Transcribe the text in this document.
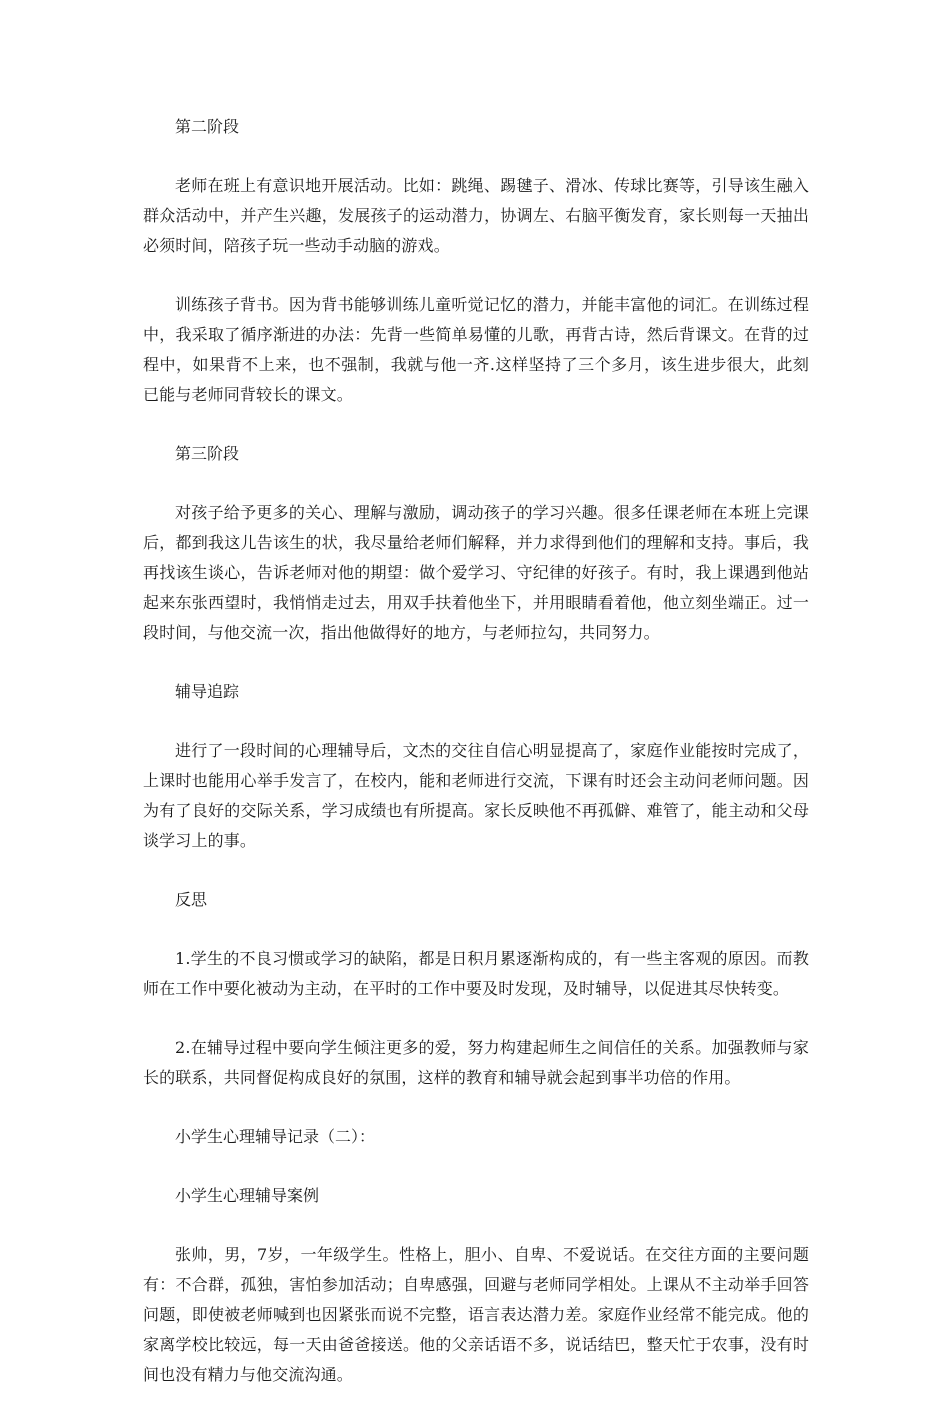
第二阶段

老师在班上有意识地开展活动。比如：跳绳、踢毽子、滑冰、传球比赛等，引导该生融入群众活动中，并产生兴趣，发展孩子的运动潜力，协调左、右脑平衡发育，家长则每一天抽出必须时间，陪孩子玩一些动手动脑的游戏。

训练孩子背书。因为背书能够训练儿童听觉记忆的潜力，并能丰富他的词汇。在训练过程中，我采取了循序渐进的办法：先背一些简单易懂的儿歌，再背古诗，然后背课文。在背的过程中，如果背不上来，也不强制，我就与他一齐.这样坚持了三个多月，该生进步很大，此刻已能与老师同背较长的课文。

第三阶段

对孩子给予更多的关心、理解与激励，调动孩子的学习兴趣。很多任课老师在本班上完课后，都到我这儿告该生的状，我尽量给老师们解释，并力求得到他们的理解和支持。事后，我再找该生谈心，告诉老师对他的期望：做个爱学习、守纪律的好孩子。有时，我上课遇到他站起来东张西望时，我悄悄走过去，用双手扶着他坐下，并用眼睛看着他，他立刻坐端正。过一段时间，与他交流一次，指出他做得好的地方，与老师拉勾，共同努力。

辅导追踪

进行了一段时间的心理辅导后，文杰的交往自信心明显提高了，家庭作业能按时完成了，上课时也能用心举手发言了，在校内，能和老师进行交流，下课有时还会主动问老师问题。因为有了良好的交际关系，学习成绩也有所提高。家长反映他不再孤僻、难管了，能主动和父母谈学习上的事。

反思

1.学生的不良习惯或学习的缺陷，都是日积月累逐渐构成的，有一些主客观的原因。而教师在工作中要化被动为主动，在平时的工作中要及时发现，及时辅导，以促进其尽快转变。

2.在辅导过程中要向学生倾注更多的爱，努力构建起师生之间信任的关系。加强教师与家长的联系，共同督促构成良好的氛围，这样的教育和辅导就会起到事半功倍的作用。

小学生心理辅导记录（二）：
小学生心理辅导案例

张帅，男，7岁，一年级学生。性格上，胆小、自卑、不爱说话。在交往方面的主要问题有：不合群，孤独，害怕参加活动；自卑感强，回避与老师同学相处。上课从不主动举手回答问题，即使被老师喊到也因紧张而说不完整，语言表达潜力差。家庭作业经常不能完成。他的家离学校比较远，每一天由爸爸接送。他的父亲话语不多，说话结巴，整天忙于农事，没有时间也没有精力与他交流沟通。
